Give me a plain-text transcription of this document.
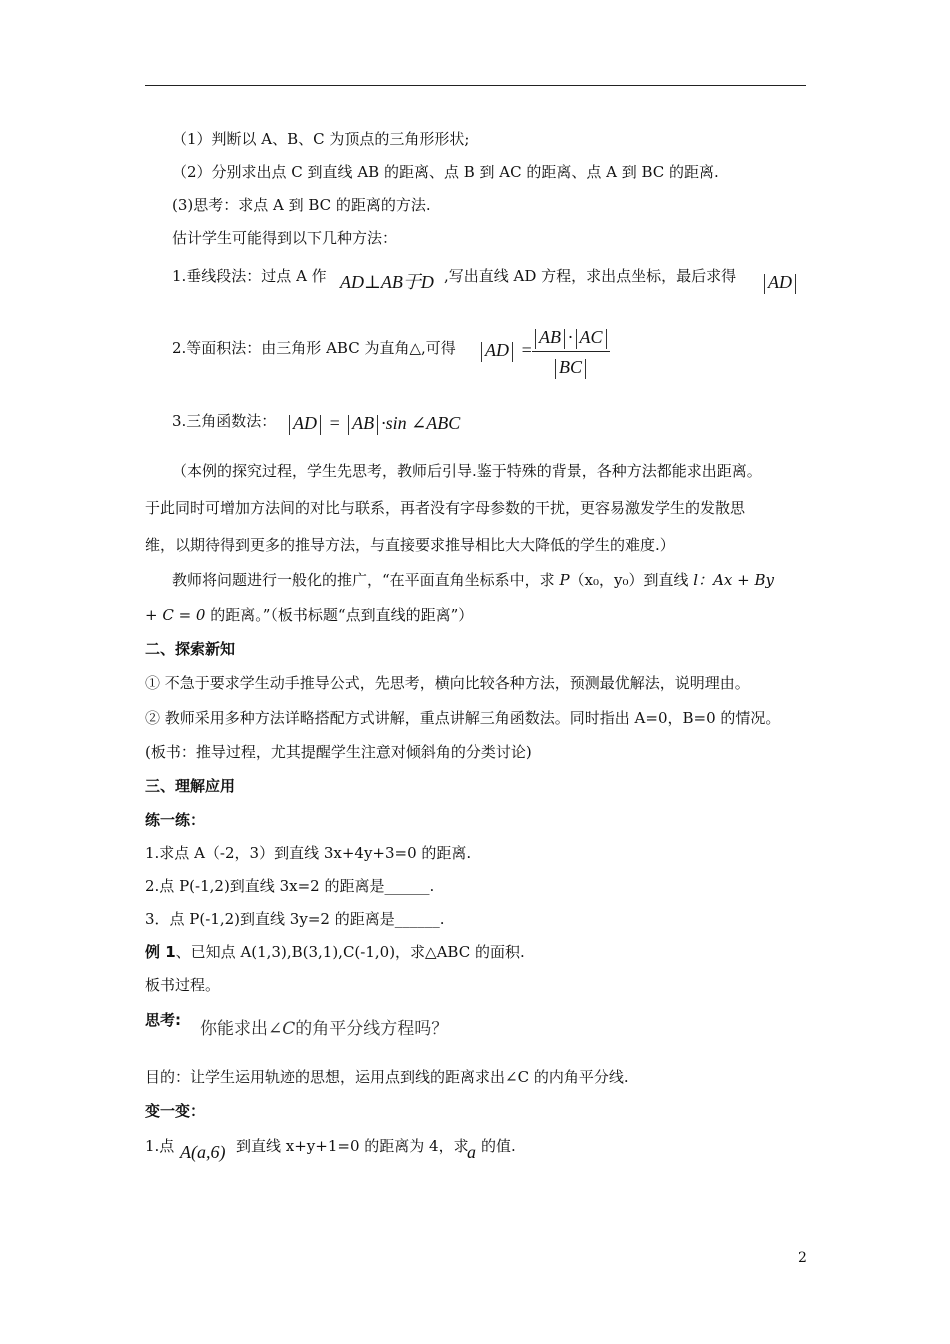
（1）判断以 A、B、C 为顶点的三角形形状;
（2）分别求出点 C 到直线 AB 的距离、点 B 到 AC 的距离、点 A 到 BC 的距离.
(3)思考：求点 A 到 BC 的距离的方法.
估计学生可能得到以下几种方法：
1.垂线段法：过点 A 作 AD⊥AB于D ,写出直线 AD 方程，求出点坐标，最后求得	AD
2.等面积法：由三角形 ABC 为直角△,可得	AD =
AB · AC
BC
3.三角函数法： AD = AB ·sin ∠ABC
（本例的探究过程，学生先思考，教师后引导.鉴于特殊的背景，各种方法都能求出距离。
于此同时可增加方法间的对比与联系，再者没有字母参数的干扰，更容易激发学生的发散思
维，以期待得到更多的推导方法，与直接要求推导相比大大降低的学生的难度.）
教师将问题进行一般化的推广，“在平面直角坐标系中，求 P（x₀，y₀）到直线 l：Ax + By
+ C = 0 的距离。”（板书标题“点到直线的距离”）
二、探索新知
① 不急于要求学生动手推导公式，先思考，横向比较各种方法，预测最优解法，说明理由。
② 教师采用多种方法详略搭配方式讲解，重点讲解三角函数法。同时指出 A=0，B=0 的情况。
(板书：推导过程，尤其提醒学生注意对倾斜角的分类讨论)
三、理解应用
练一练：
1.求点 A（-2，3）到直线 3x+4y+3=0 的距离.
2.点 P(-1,2)到直线 3x=2 的距离是______.
3．点 P(-1,2)到直线 3y=2 的距离是______.
例 1、已知点 A(1,3),B(3,1),C(-1,0)，求△ABC 的面积.
板书过程。
思考: 你能求出∠C的角平分线方程吗？
目的：让学生运用轨迹的思想，运用点到线的距离求出∠C 的内角平分线.
变一变：
1.点 A(a,6) 到直线 x+y+1=0 的距离为 4，求
a 的值.
2
